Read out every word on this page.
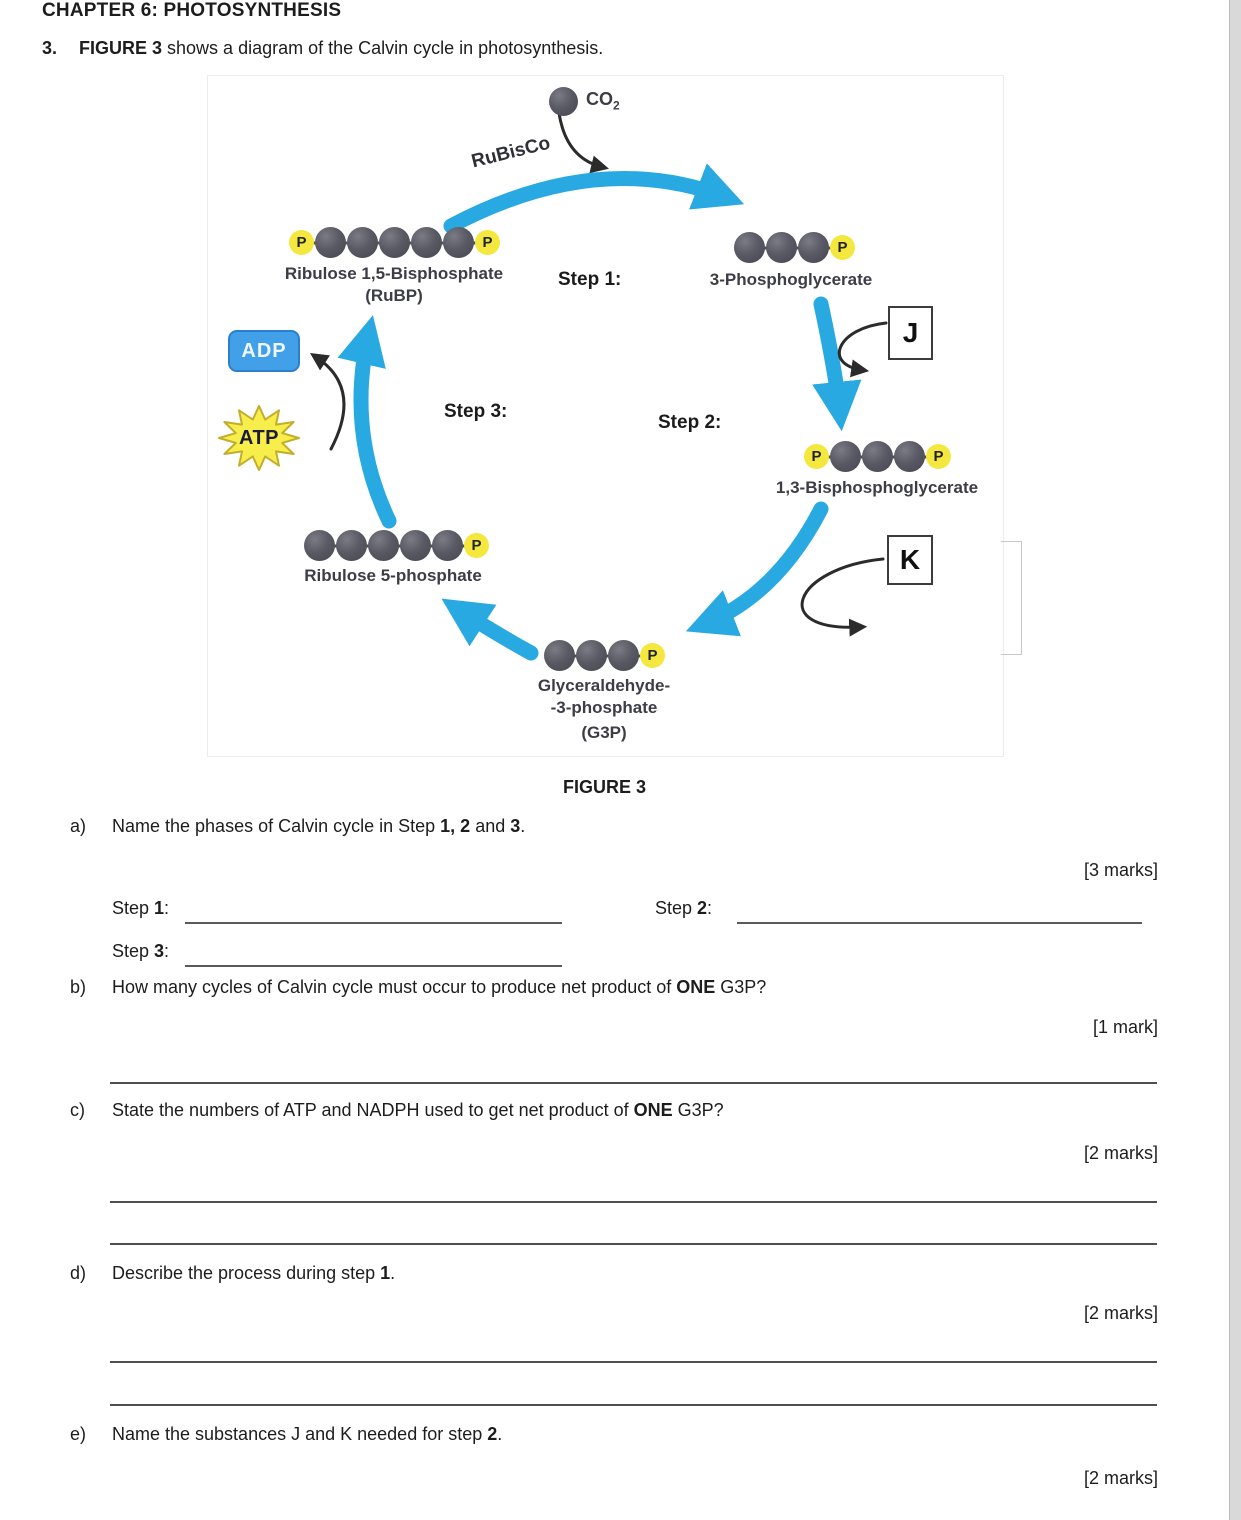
CHAPTER 6: PHOTOSYNTHESIS
3. FIGURE 3 shows a diagram of the Calvin cycle in photosynthesis.
$CO_2$
RuBisCo
P	P
Ribulose 1,5-Bisphosphate
(RuBP)
Step 1:
P
3-Phosphoglycerate
J
Step 2:
P	P
1,3-Bisphosphoglycerate
K
P
Ribulose 5-phosphate
P
Glyceraldehyde-
-3-phosphate
(G3P)
Step 3:
ADP
ATP
FIGURE 3
a) Name the phases of Calvin cycle in Step 1, 2 and 3.
[3 marks]
Step 1:	Step 2:
Step 3:
b) How many cycles of Calvin cycle must occur to produce net product of ONE G3P?
[1 mark]
c) State the numbers of ATP and NADPH used to get net product of ONE G3P?
[2 marks]
d) Describe the process during step 1.
[2 marks]
e) Name the substances J and K needed for step 2.
[2 marks]
